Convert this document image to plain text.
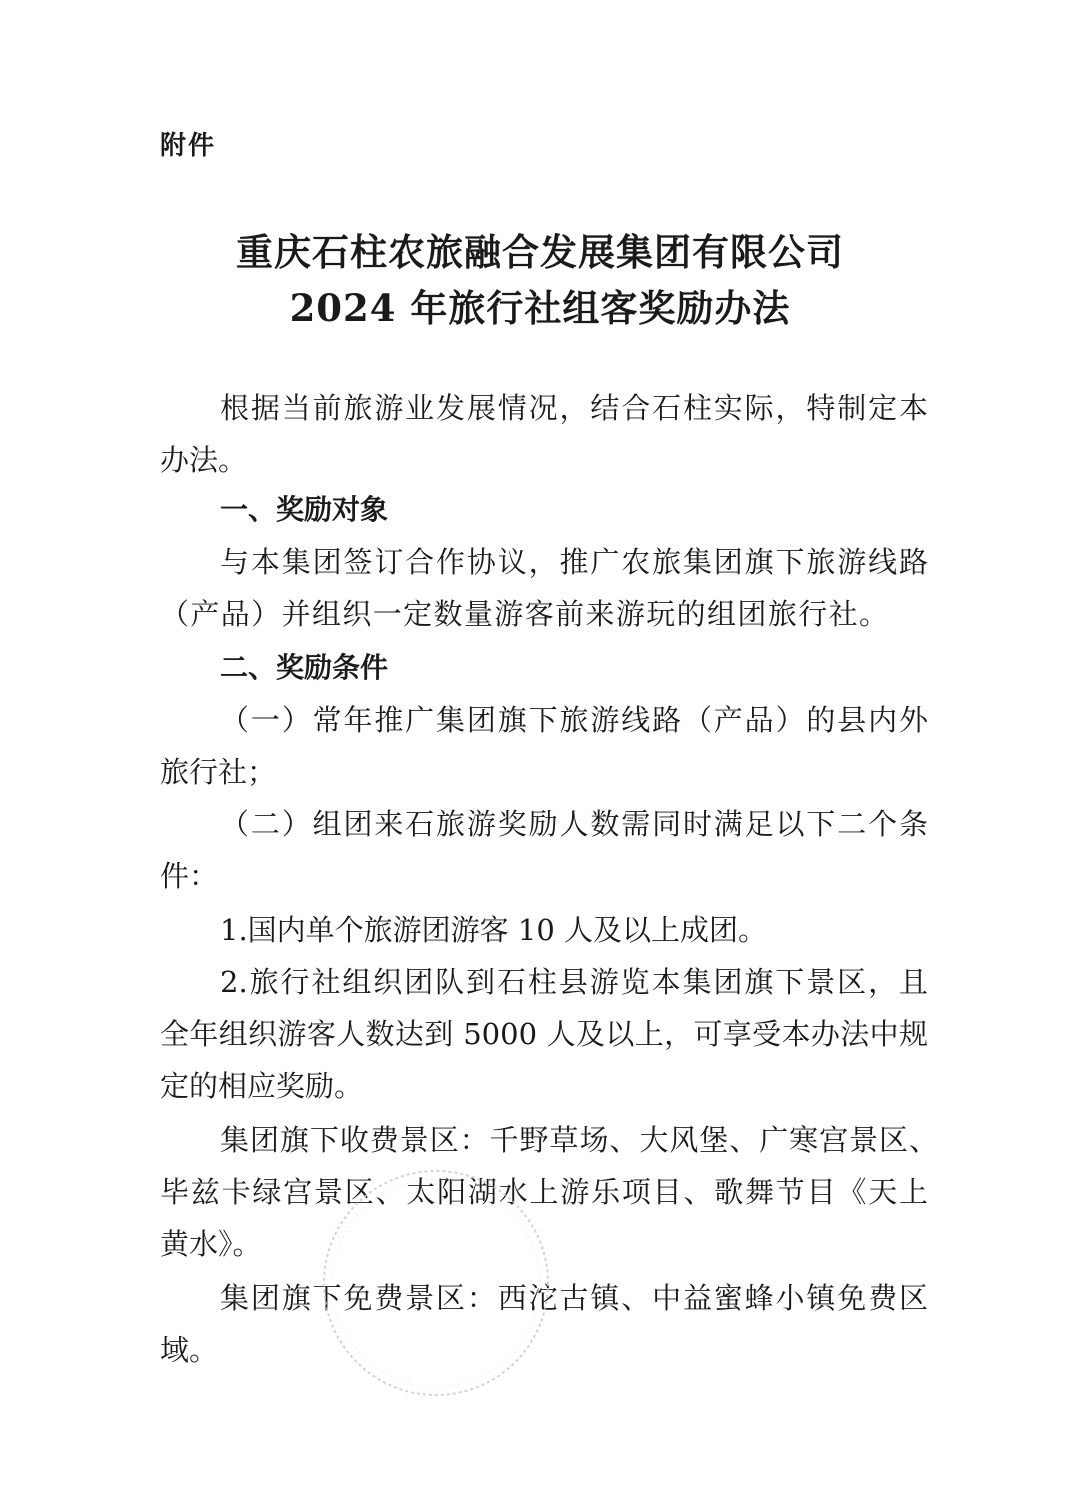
附件
重庆石柱农旅融合发展集团有限公司
2024 年旅行社组客奖励办法
根据当前旅游业发展情况，结合石柱实际，特制定本
办法。
一、奖励对象
与本集团签订合作协议，推广农旅集团旗下旅游线路
（产品）并组织一定数量游客前来游玩的组团旅行社。
二、奖励条件
（一）常年推广集团旗下旅游线路（产品）的县内外
旅行社；
（二）组团来石旅游奖励人数需同时满足以下二个条
件：
1.国内单个旅游团游客 10 人及以上成团。
2.旅行社组织团队到石柱县游览本集团旗下景区，且
全年组织游客人数达到 5000 人及以上，可享受本办法中规
定的相应奖励。
集团旗下收费景区：千野草场、大风堡、广寒宫景区、
毕兹卡绿宫景区、太阳湖水上游乐项目、歌舞节目《天上
黄水》。
集团旗下免费景区：西沱古镇、中益蜜蜂小镇免费区
域。
